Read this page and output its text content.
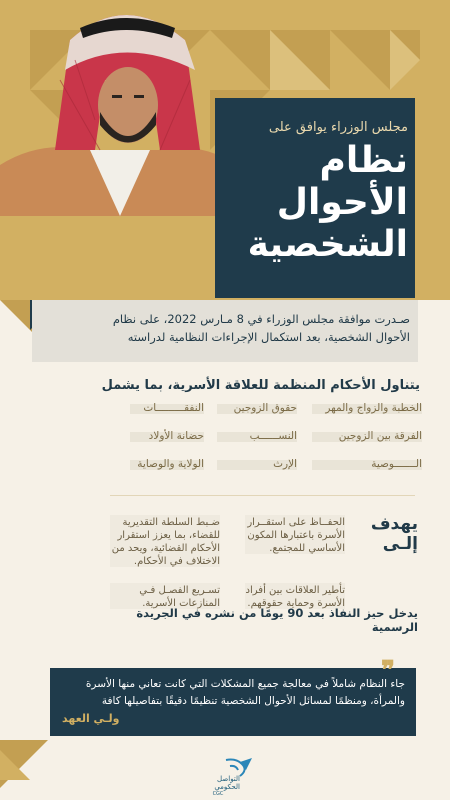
مجلس الوزراء يوافق على
نظام
الأحوال
الشخصية
صـدرت موافقة مجلس الوزراء في 8 مـارس 2022، على نظام
الأحوال الشخصية، بعد استكمال الإجراءات النظامية لدراسته
يتناول الأحكام المنظمة للعلاقة الأسرية، بما يشمل
الخطبة والزواج والمهر
حقوق الزوجين
النفقـــــــــات
الفرقة بين الزوجين
النســــــب
حضانة الأولاد
الـــــــوصية
الإرث
الولاية والوصاية
يهدف
إلـى
الحفــاظ على استقــرار الأسرة باعتبارها المكون الأساسي للمجتمع.
ضـبط السلطة التقديرية للقضاء، بما يعزز استقرار الأحكام القضائية، ويحد من الاختلاف في الأحكام.
تأطير العلاقات بين أفراد الأسرة وحماية حقوقهم.
تسـريع الفصـل فـي المنازعات الأسرية.
يدخل حيز النفاذ بعد 90 يومًا من نشره في الجريدة الرسمية
❞
جاء النظام شاملاً في معالجة جميع المشكلات التي كانت تعاني منها الأسرة والمرأة، ومنظمًا لمسائل الأحوال الشخصية تنظيمًا دقيقًا بتفاصيلها كافة
ولـي العهد
التواصل الحكومي
CGC
